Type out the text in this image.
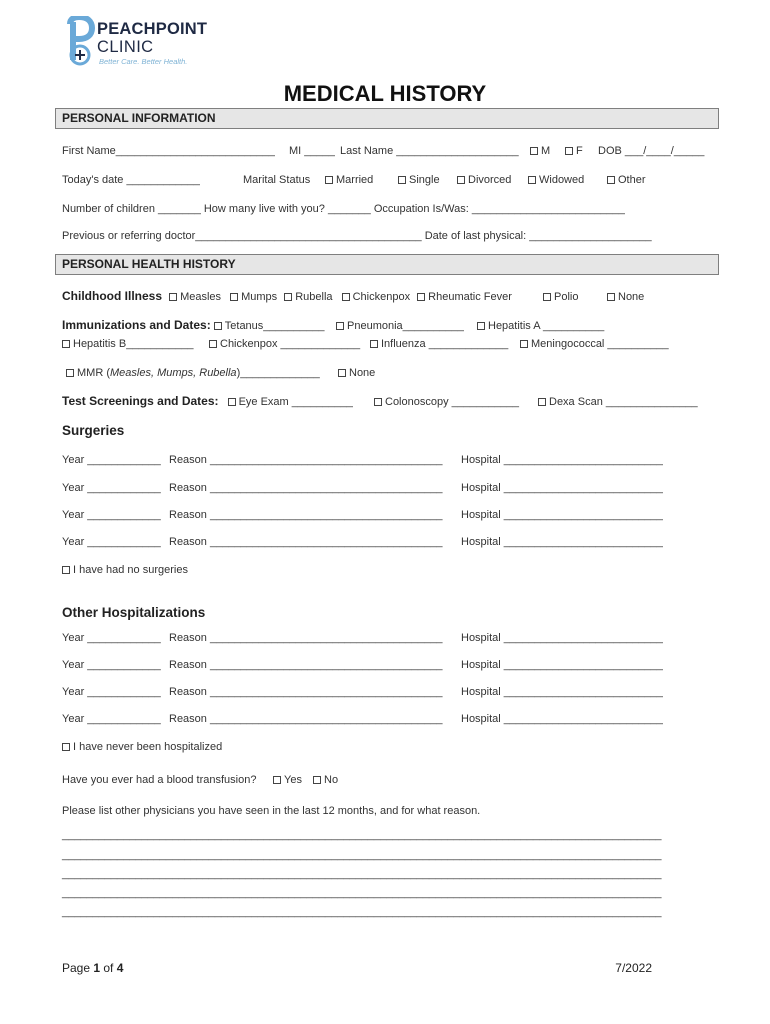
PEACHPOINT
CLINIC
Better Care. Better Health.
MEDICAL HISTORY
PERSONAL INFORMATION
First Name__________________________ MI _____ Last Name ____________________	M	F DOB ___/____/_____
Today's date ____________	Marital Status	Married	Single	Divorced	Widowed	Other
Number of children _______ How many live with you? _______ Occupation Is/Was: _________________________
Previous or referring doctor_____________________________________ Date of last physical: ____________________
PERSONAL HEALTH HISTORY
Childhood Illness Measles Mumps Rubella Chickenpox Rheumatic Fever	Polio	None
Immunizations and Dates: Tetanus__________	Pneumonia__________	Hepatitis A __________
Hepatitis B___________	Chickenpox _____________	Influenza _____________	Meningococcal __________
MMR (Measles, Mumps, Rubella)_____________	None
Test Screenings and Dates: Eye Exam __________	Colonoscopy ___________	Dexa Scan _______________
Surgeries
Year ____________ Reason ______________________________________ Hospital __________________________
Year ____________ Reason ______________________________________ Hospital __________________________
Year ____________ Reason ______________________________________ Hospital __________________________
Year ____________ Reason ______________________________________ Hospital __________________________
I have had no surgeries
Other Hospitalizations
Year ____________ Reason ______________________________________ Hospital __________________________
Year ____________ Reason ______________________________________ Hospital __________________________
Year ____________ Reason ______________________________________ Hospital __________________________
Year ____________ Reason ______________________________________ Hospital __________________________
I have never been hospitalized
Have you ever had a blood transfusion?	Yes	No
Please list other physicians you have seen in the last 12 months, and for what reason.
__________________________________________________________________________________________________
__________________________________________________________________________________________________
__________________________________________________________________________________________________
__________________________________________________________________________________________________
__________________________________________________________________________________________________
Page 1 of 4	7/2022
